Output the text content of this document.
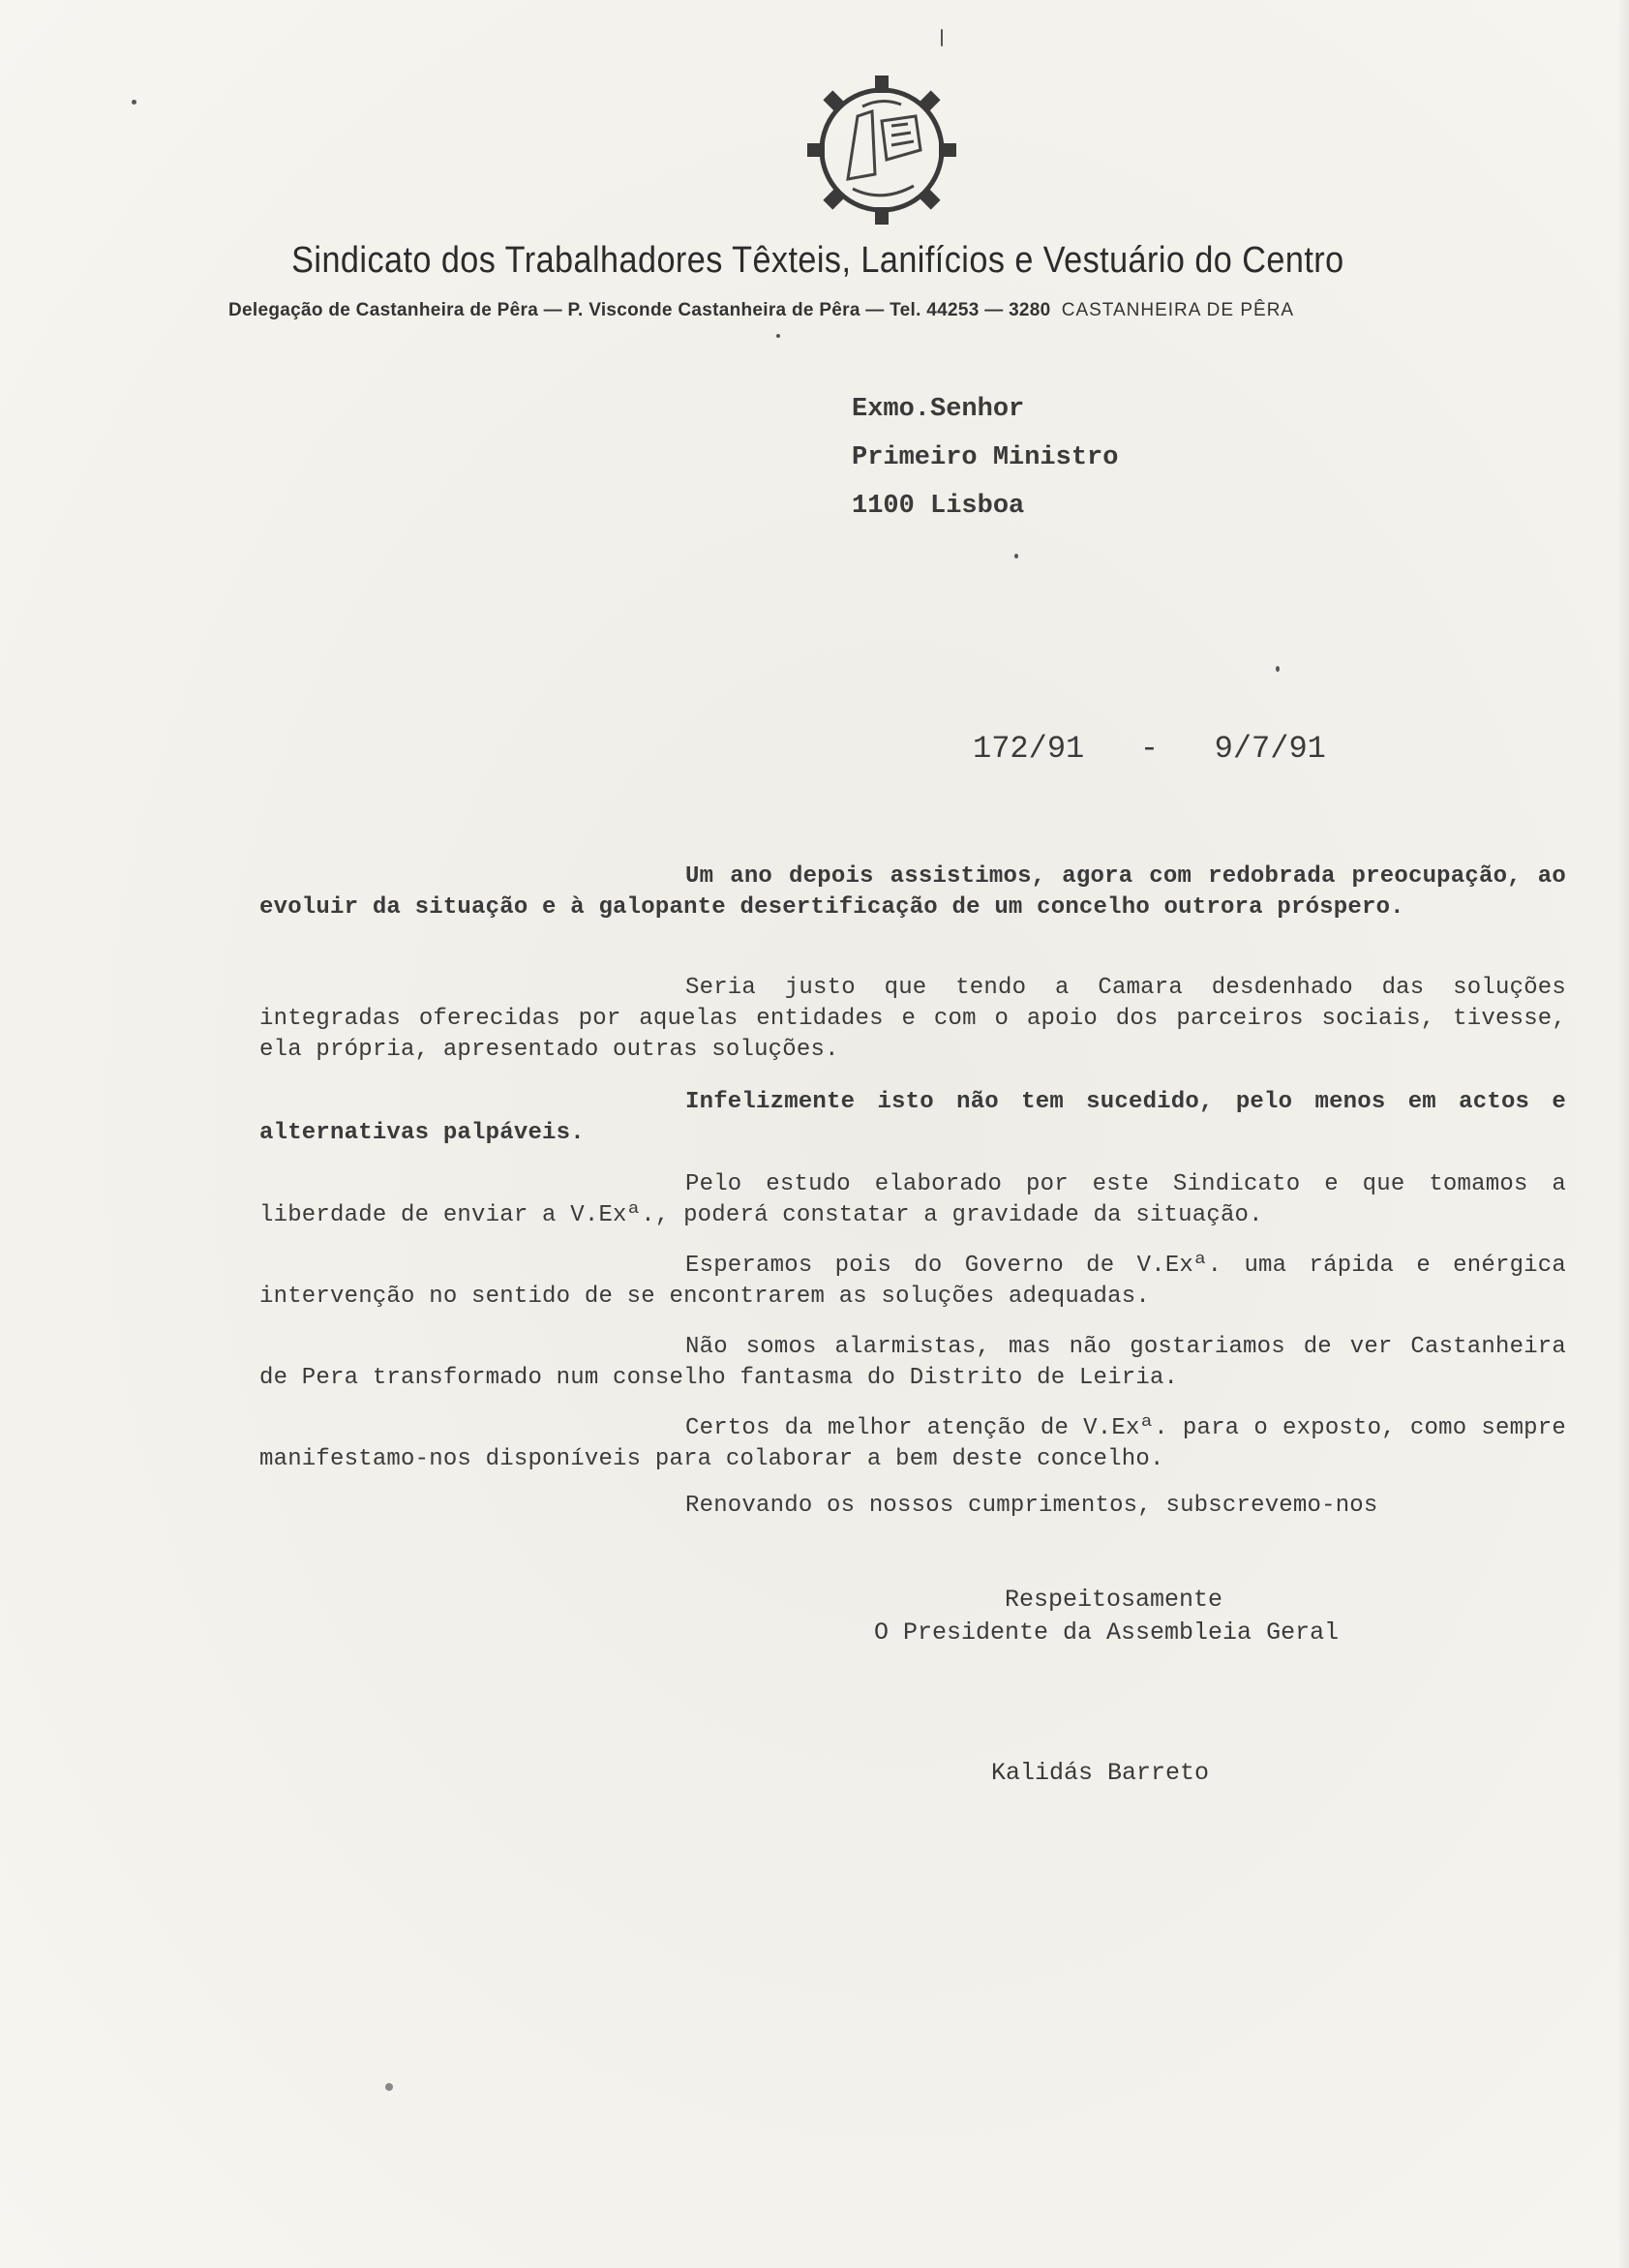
Sindicato dos Trabalhadores Têxteis, Lanifícios e Vestuário do Centro
Delegação de Castanheira de Pêra — P. Visconde Castanheira de Pêra — Tel. 44253 — 3280 CASTANHEIRA DE PÊRA
Exmo.Senhor
Primeiro Ministro
1100 Lisboa
172/91 - 9/7/91
Um ano depois assistimos, agora com redobrada preocupação, ao evoluir da situação e à galopante desertificação de um concelho outrora próspero.
Seria justo que tendo a Camara desdenhado das soluções integradas oferecidas por aquelas entidades e com o apoio dos parceiros sociais, tivesse, ela própria, apresentado outras soluções.
Infelizmente isto não tem sucedido, pelo menos em actos e alternativas palpáveis.
Pelo estudo elaborado por este Sindicato e que tomamos a liberdade de enviar a V.Exª., poderá constatar a gravidade da situação.
Esperamos pois do Governo de V.Exª. uma rápida e enérgica intervenção no sentido de se encontrarem as soluções adequadas.
Não somos alarmistas, mas não gostariamos de ver Castanheira de Pera transformado num conselho fantasma do Distrito de Leiria.
Certos da melhor atenção de V.Exª. para o exposto, como sempre manifestamo-nos disponíveis para colaborar a bem deste concelho.
Renovando os nossos cumprimentos, subscrevemo-nos
Respeitosamente
O Presidente da Assembleia Geral
Kalidás Barreto
